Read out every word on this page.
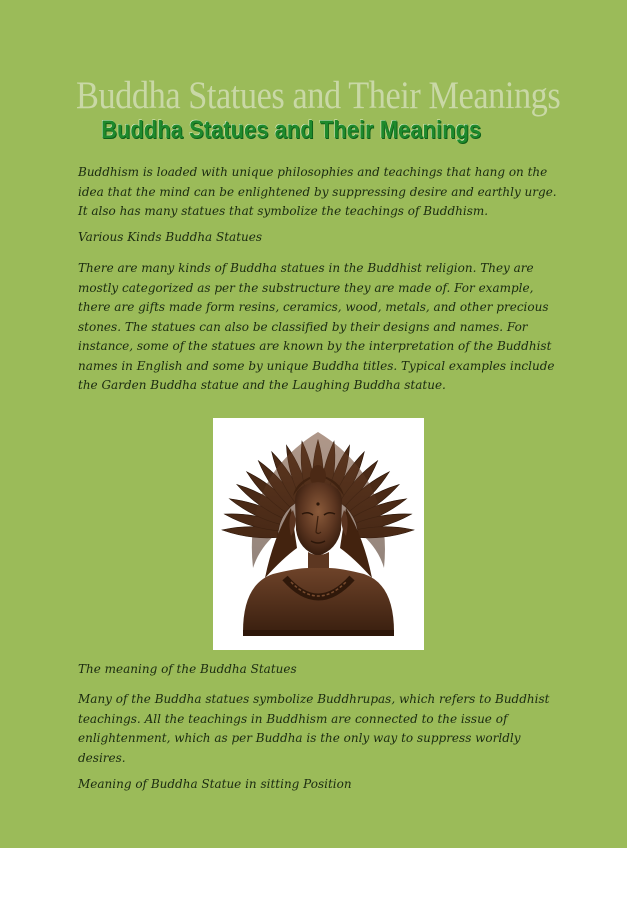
Buddha Statues and Their Meanings
Buddha Statues and Their Meanings

Buddhism is loaded with unique philosophies and teachings that hang on the idea that the mind can be enlightened by suppressing desire and earthly urge. It also has many statues that symbolize the teachings of Buddhism.

Various Kinds Buddha Statues

There are many kinds of Buddha statues in the Buddhist religion. They are mostly categorized as per the substructure they are made of. For example, there are gifts made form resins, ceramics, wood, metals, and other precious stones. The statues can also be classified by their designs and names. For instance, some of the statues are known by the interpretation of the Buddhist names in English and some by unique Buddha titles. Typical examples include the Garden Buddha statue and the Laughing Buddha statue.

The meaning of the Buddha Statues

Many of the Buddha statues symbolize Buddhrupas, which refers to Buddhist teachings. All the teachings in Buddhism are connected to the issue of enlightenment, which as per Buddha is the only way to suppress worldly desires.

Meaning of Buddha Statue in sitting Position
